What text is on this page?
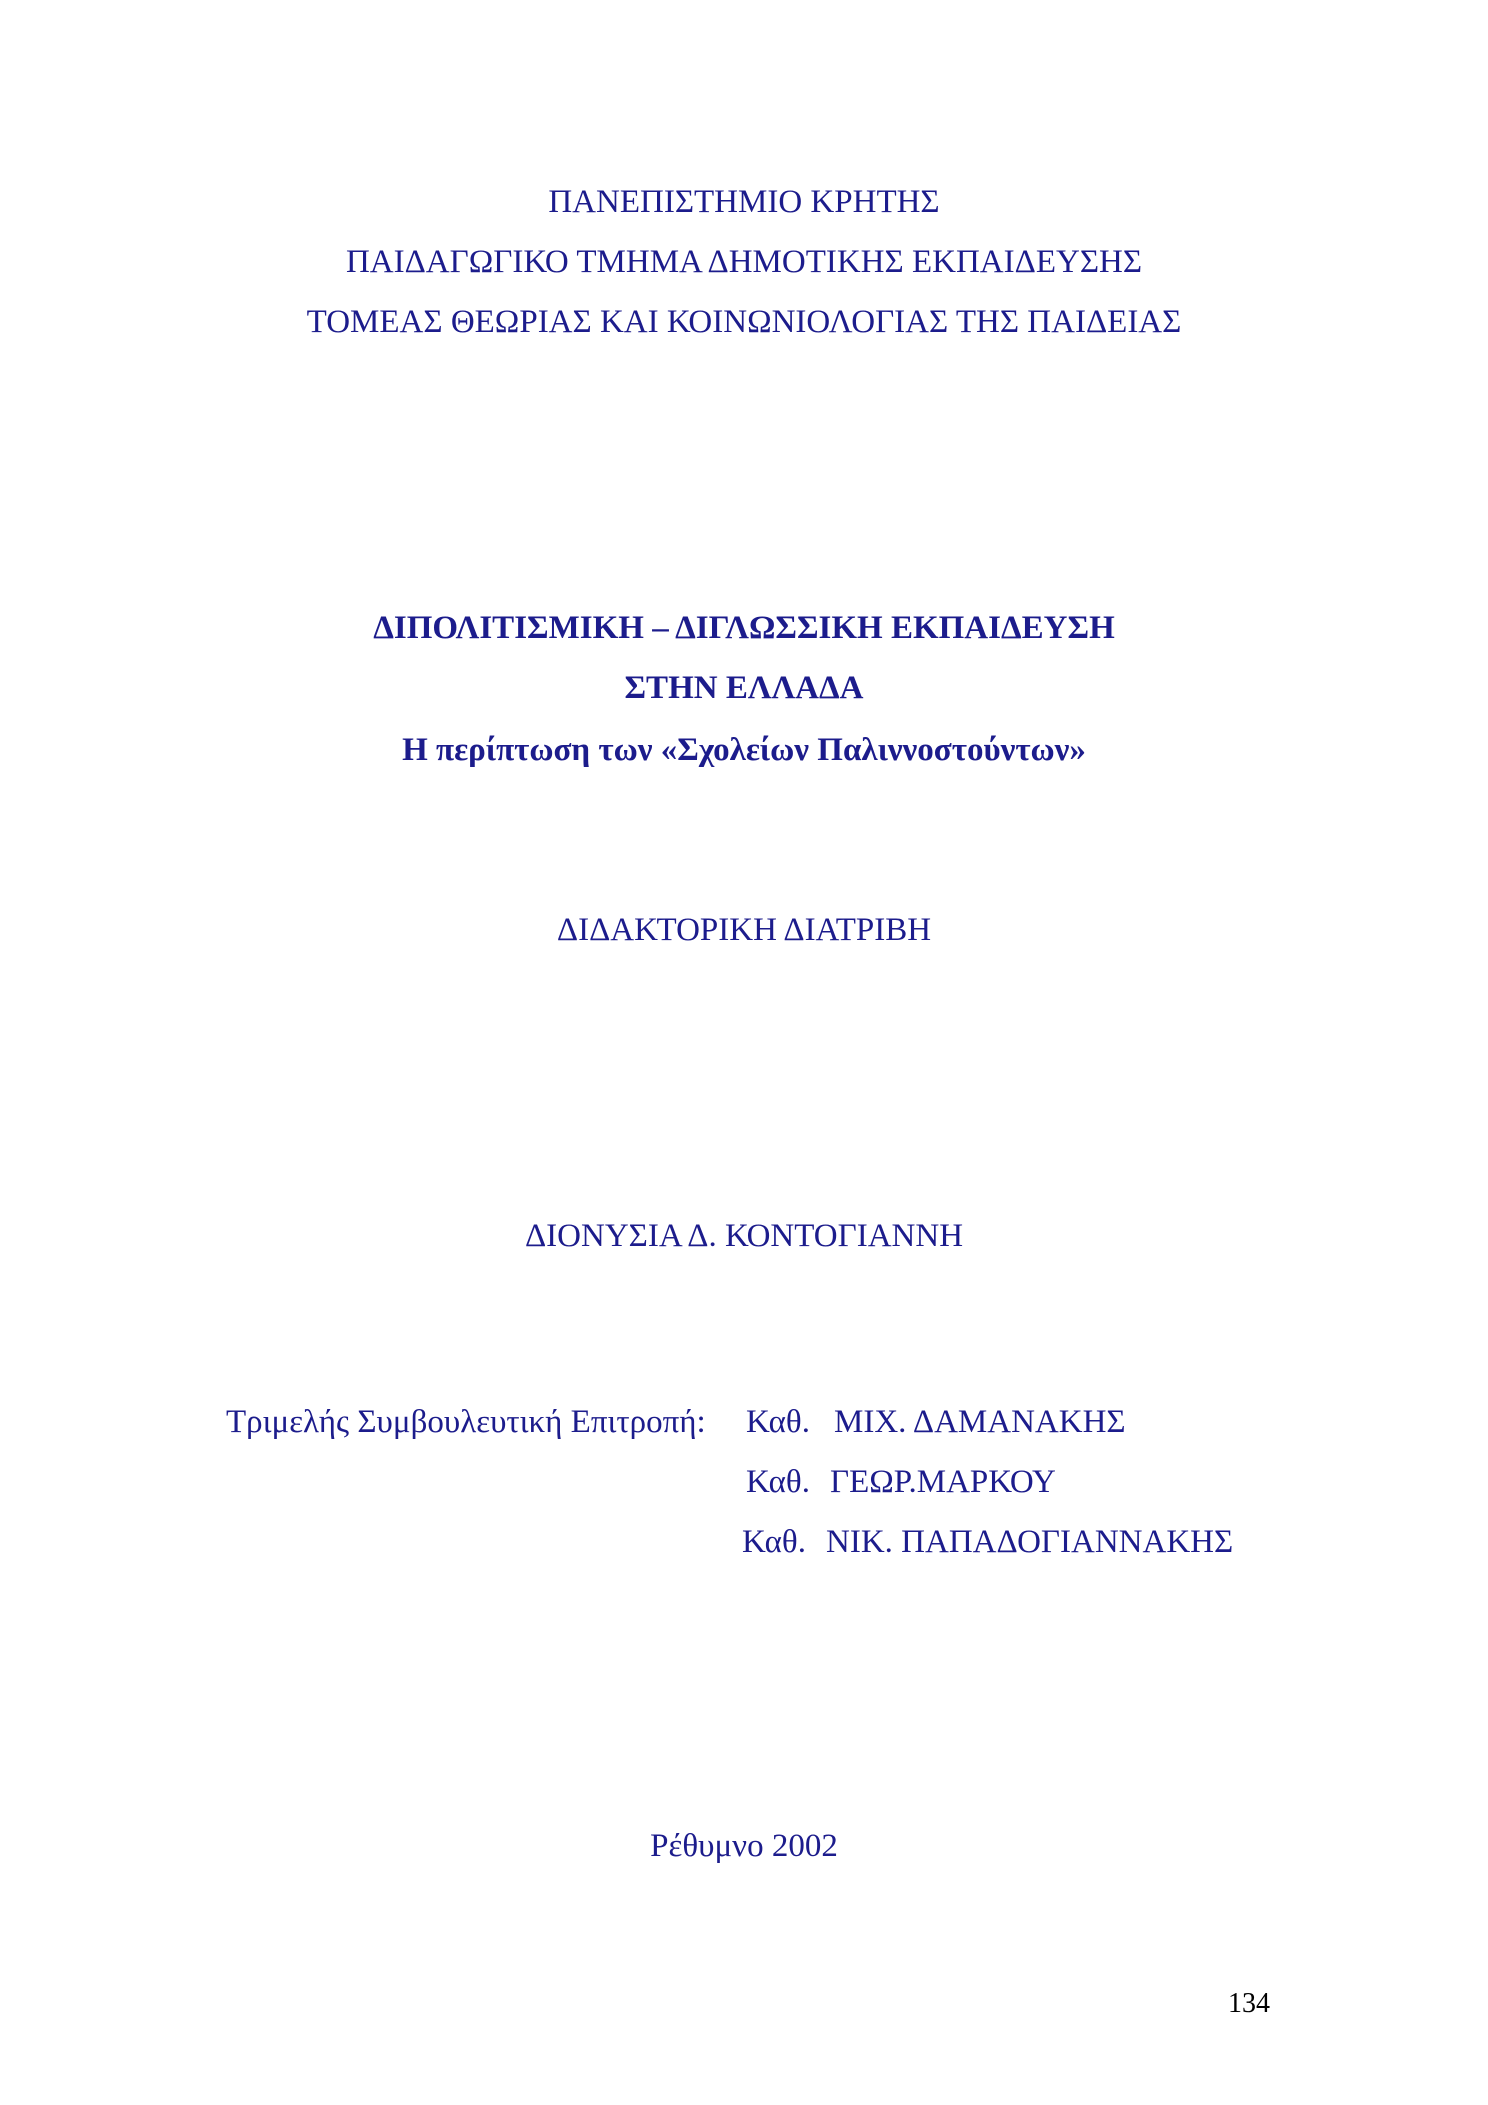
ΠΑΝΕΠΙΣΤΗΜΙΟ ΚΡΗΤΗΣ
ΠΑΙΔΑΓΩΓΙΚΟ ΤΜΗΜΑ ΔΗΜΟΤΙΚΗΣ ΕΚΠΑΙΔΕΥΣΗΣ
ΤΟΜΕΑΣ ΘΕΩΡΙΑΣ ΚΑΙ ΚΟΙΝΩΝΙΟΛΟΓΙΑΣ ΤΗΣ ΠΑΙΔΕΙΑΣ
ΔΙΠΟΛΙΤΙΣΜΙΚΗ – ΔΙΓΛΩΣΣΙΚΗ ΕΚΠΑΙΔΕΥΣΗ
ΣΤΗΝ ΕΛΛΑΔΑ
Η περίπτωση των «Σχολείων Παλιννοστούντων»
ΔΙΔΑΚΤΟΡΙΚΗ ΔΙΑΤΡΙΒΗ
ΔΙΟΝΥΣΙΑ Δ. ΚΟΝΤΟΓΙΑΝΝΗ
Τριμελής Συμβουλευτική Επιτροπή: Καθ. ΜΙΧ. ΔΑΜΑΝΑΚΗΣ
Καθ. ΓΕΩΡ.ΜΑΡΚΟΥ
Καθ. ΝΙΚ. ΠΑΠΑΔΟΓΙΑΝΝΑΚΗΣ
Ρέθυμνο 2002
134
